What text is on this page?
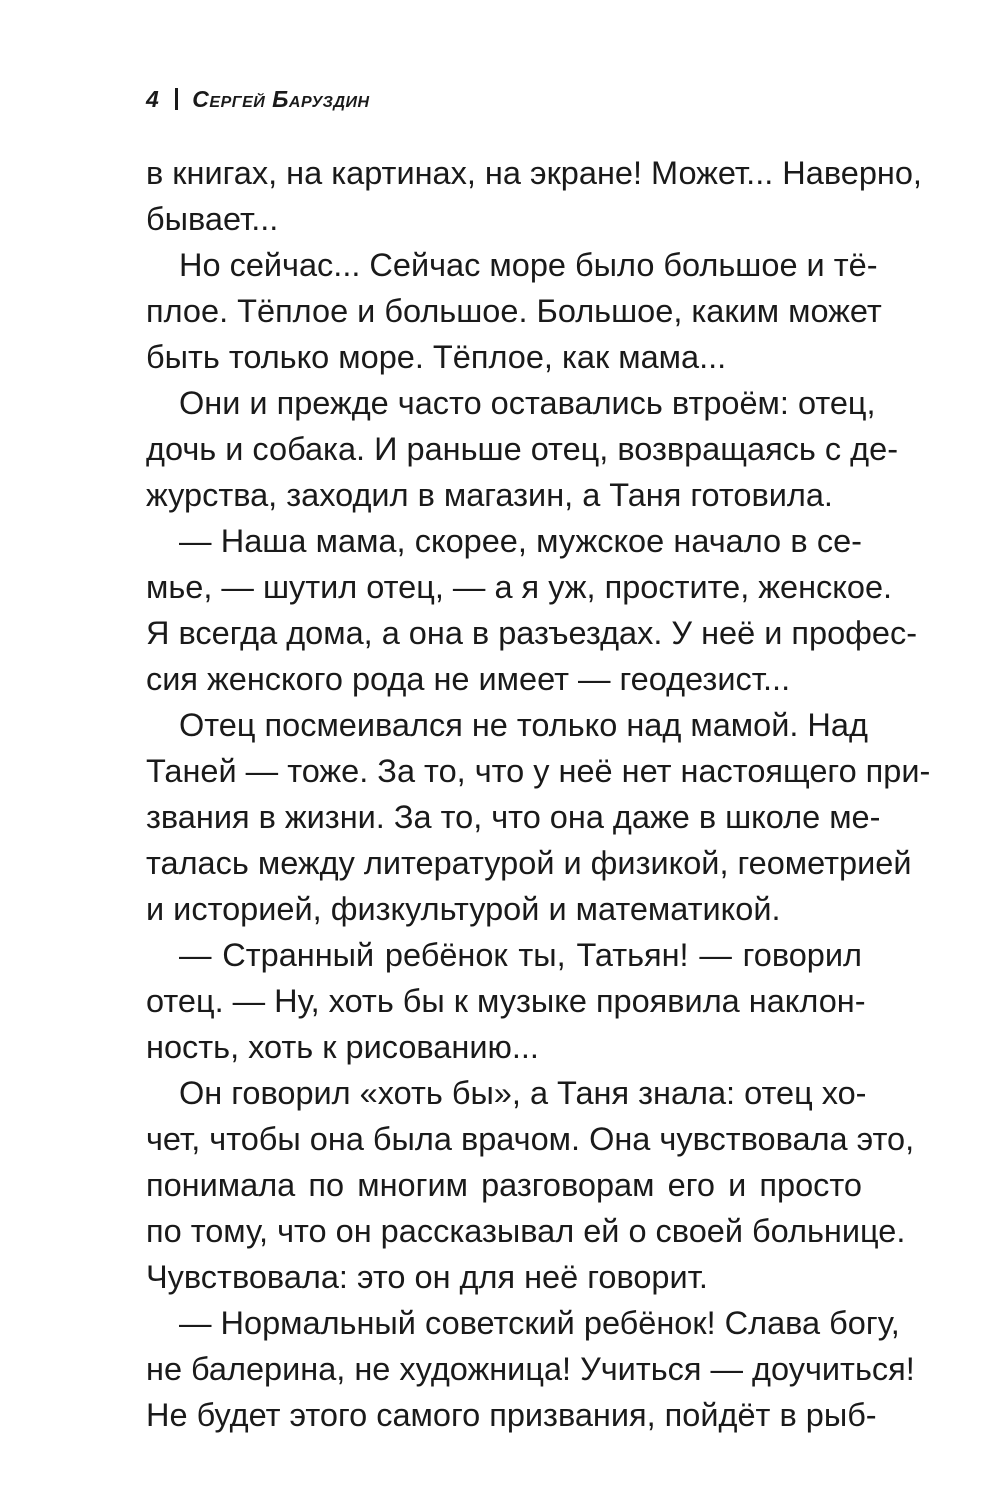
4 Сергей Баруздин
в книгах, на картинах, на экране! Может... Наверно,
бывает...
Но сейчас... Сейчас море было большое и тё-
плое. Тёплое и большое. Большое, каким может
быть только море. Тёплое, как мама...
Они и прежде часто оставались втроём: отец,
дочь и собака. И раньше отец, возвращаясь с де-
журства, заходил в магазин, а Таня готовила.
— Наша мама, скорее, мужское начало в се-
мье, — шутил отец, — а я уж, простите, женское.
Я всегда дома, а она в разъездах. У неё и профес-
сия женского рода не имеет — геодезист...
Отец посмеивался не только над мамой. Над
Таней — тоже. За то, что у неё нет настоящего при-
звания в жизни. За то, что она даже в школе ме-
талась между литературой и физикой, геометрией
и историей, физкультурой и математикой.
— Странный ребёнок ты, Татьян! — говорил
отец. — Ну, хоть бы к музыке проявила наклон-
ность, хоть к рисованию...
Он говорил «хоть бы», а Таня знала: отец хо-
чет, чтобы она была врачом. Она чувствовала это,
понимала по многим разговорам его и просто
по тому, что он рассказывал ей о своей больнице.
Чувствовала: это он для неё говорит.
— Нормальный советский ребёнок! Слава богу,
не балерина, не художница! Учиться — доучиться!
Не будет этого самого призвания, пойдёт в рыб-
